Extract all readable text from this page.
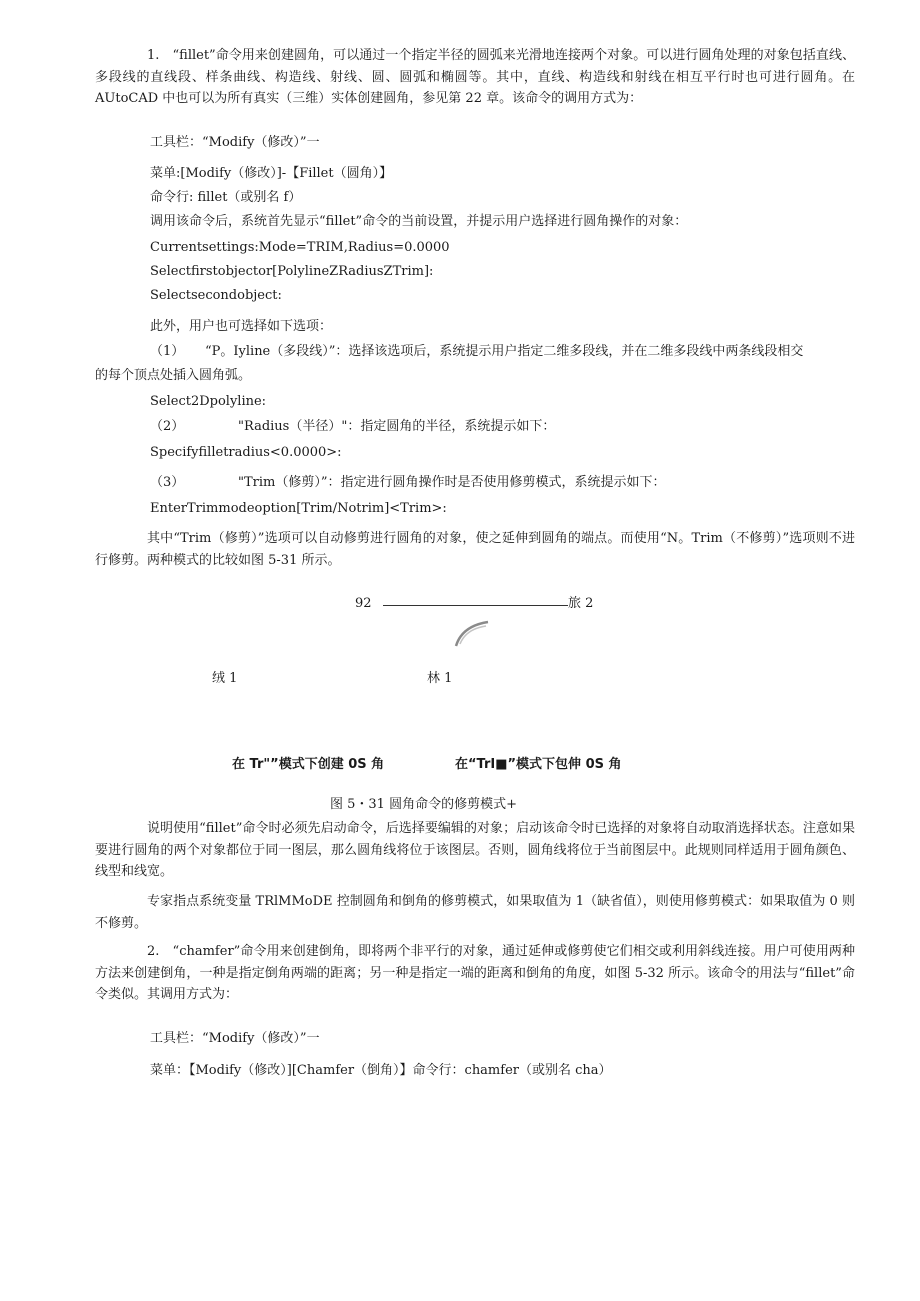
1.　“fillet”命令用来创建圆角，可以通过一个指定半径的圆弧来光滑地连接两个对象。可以进行圆角处理的对象包括直线、多段线的直线段、样条曲线、构造线、射线、圆、圆弧和椭圆等。其中，直线、构造线和射线在相互平行时也可进行圆角。在 AUtoCAD 中也可以为所有真实（三维）实体创建圆角，参见第 22 章。该命令的调用方式为：
工具栏：“Modify（修改）”一
菜单:[Modify（修改）]-【Fillet（圆角）】
命令行: fillet（或别名 f）
调用该命令后，系统首先显示“fillet”命令的当前设置，并提示用户选择进行圆角操作的对象：
Currentsettings:Mode=TRIM,Radius=0.0000
Selectfirstobjector[PolylineZRadiusZTrim]:
Selectsecondobject:
此外，用户也可选择如下选项：
（1） “P。Iyline（多段线）”：选择该选项后，系统提示用户指定二维多段线，并在二维多段线中两条线段相交
的每个顶点处插入圆角弧。
Select2Dpolyline:
（2）	"Radius（半径）"：指定圆角的半径，系统提示如下：
Specifyfilletradius<0.0000>:
（3）	"Trim（修剪）”：指定进行圆角操作时是否使用修剪模式，系统提示如下：
EnterTrimmodeoption[Trim/Notrim]<Trim>:
其中“Trim（修剪）”选项可以自动修剪进行圆角的对象，使之延伸到圆角的端点。而使用“N。Trim（不修剪）”选项则不进行修剪。两种模式的比较如图 5-31 所示。
92	旅 2
绒 1	林 1
在 Tr"”模式下创建 0S 角	在“TrI■”模式下包伸 0S 角
图 5・31 圆角命令的修剪模式+
说明使用“fillet”命令时必须先启动命令，后选择要编辑的对象；启动该命令时已选择的对象将自动取消选择状态。注意如果要进行圆角的两个对象都位于同一图层，那么圆角线将位于该图层。否则，圆角线将位于当前图层中。此规则同样适用于圆角颜色、线型和线宽。
专家指点系统变量 TRlMMoDE 控制圆角和倒角的修剪模式，如果取值为 1（缺省值），则使用修剪模式：如果取值为 0 则不修剪。
2.　“chamfer”命令用来创建倒角，即将两个非平行的对象，通过延伸或修剪使它们相交或利用斜线连接。用户可使用两种方法来创建倒角，一种是指定倒角两端的距离；另一种是指定一端的距离和倒角的角度，如图 5-32 所示。该命令的用法与“fillet”命令类似。其调用方式为：
工具栏：“Modify（修改）”一
菜单：【Modify（修改）][Chamfer（倒角）】命令行：chamfer（或别名 cha）
